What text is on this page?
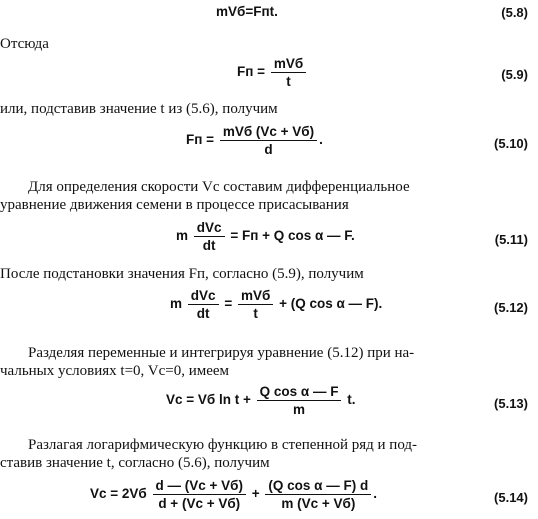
mVб=Fпt.	(5.8)
Отсюда
Fп = $\frac{\text{mVб}}{t}$	(5.9)
или, подставив значение t из (5.6), получим
Fп = $\frac{\text{mVб (Vс + Vб)}}{d}$ .	(5.10)
Для определения скорости Vс составим дифференциальное
уравнение движения семени в процессе присасывания
m $\frac{\text{dVс}}{dt}$ = Fп + Q cos α — F.	(5.11)
После подстановки значения Fп, согласно (5.9), получим
m $\frac{\text{dVс}}{dt} = \frac{\text{mVб}}{t} + (Q$ cos α — F).	(5.12)
Разделяя переменные и интегрируя уравнение (5.12) при на-
чальных условиях t=0, Vс=0, имеем
Vс = Vб $\ln t + \frac{\text{Q cos α — F}}{m} t$.	(5.13)
Разлагая логарифмическую функцию в степенной ряд и под-
ставив значение t, согласно (5.6), получим
Vс = $2Vб \frac{d — (Vс + Vб)}{d + (Vс + Vб)} + \frac{\text{(Q cos α — F) d}}{m (Vс + Vб)}$ .	(5.14)
